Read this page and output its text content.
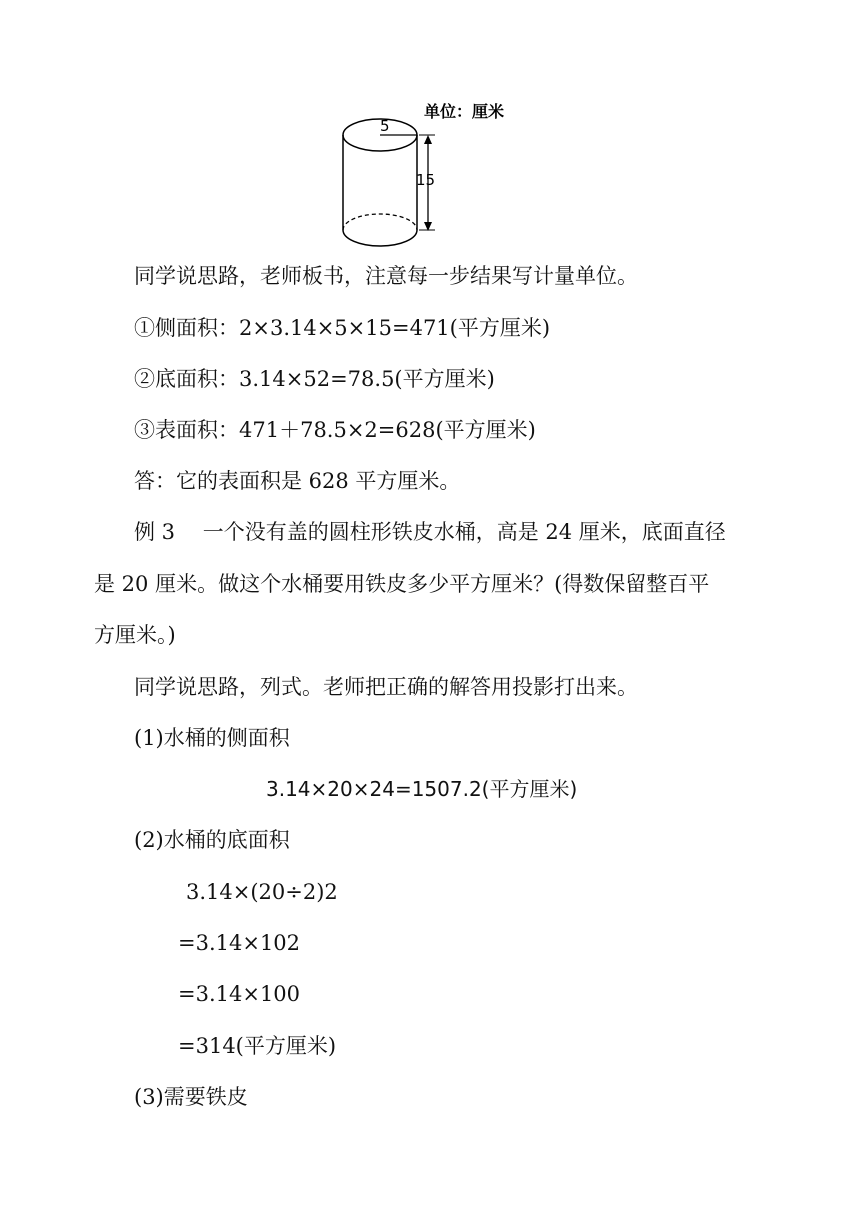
5
15
单位：厘米
同学说思路，老师板书，注意每一步结果写计量单位。
①侧面积：2×3.14×5×15=471(平方厘米)
②底面积：3.14×52=78.5(平方厘米)
③表面积：471＋78.5×2=628(平方厘米)
答：它的表面积是 628 平方厘米。
例 3　 一个没有盖的圆柱形铁皮水桶，高是 24 厘米，底面直径
是 20 厘米。做这个水桶要用铁皮多少平方厘米？(得数保留整百平
方厘米。)
同学说思路，列式。老师把正确的解答用投影打出来。
(1)水桶的侧面积
3.14×20×24=1507.2(平方厘米)
(2)水桶的底面积
3.14×(20÷2)2
=3.14×102
=3.14×100
=314(平方厘米)
(3)需要铁皮
